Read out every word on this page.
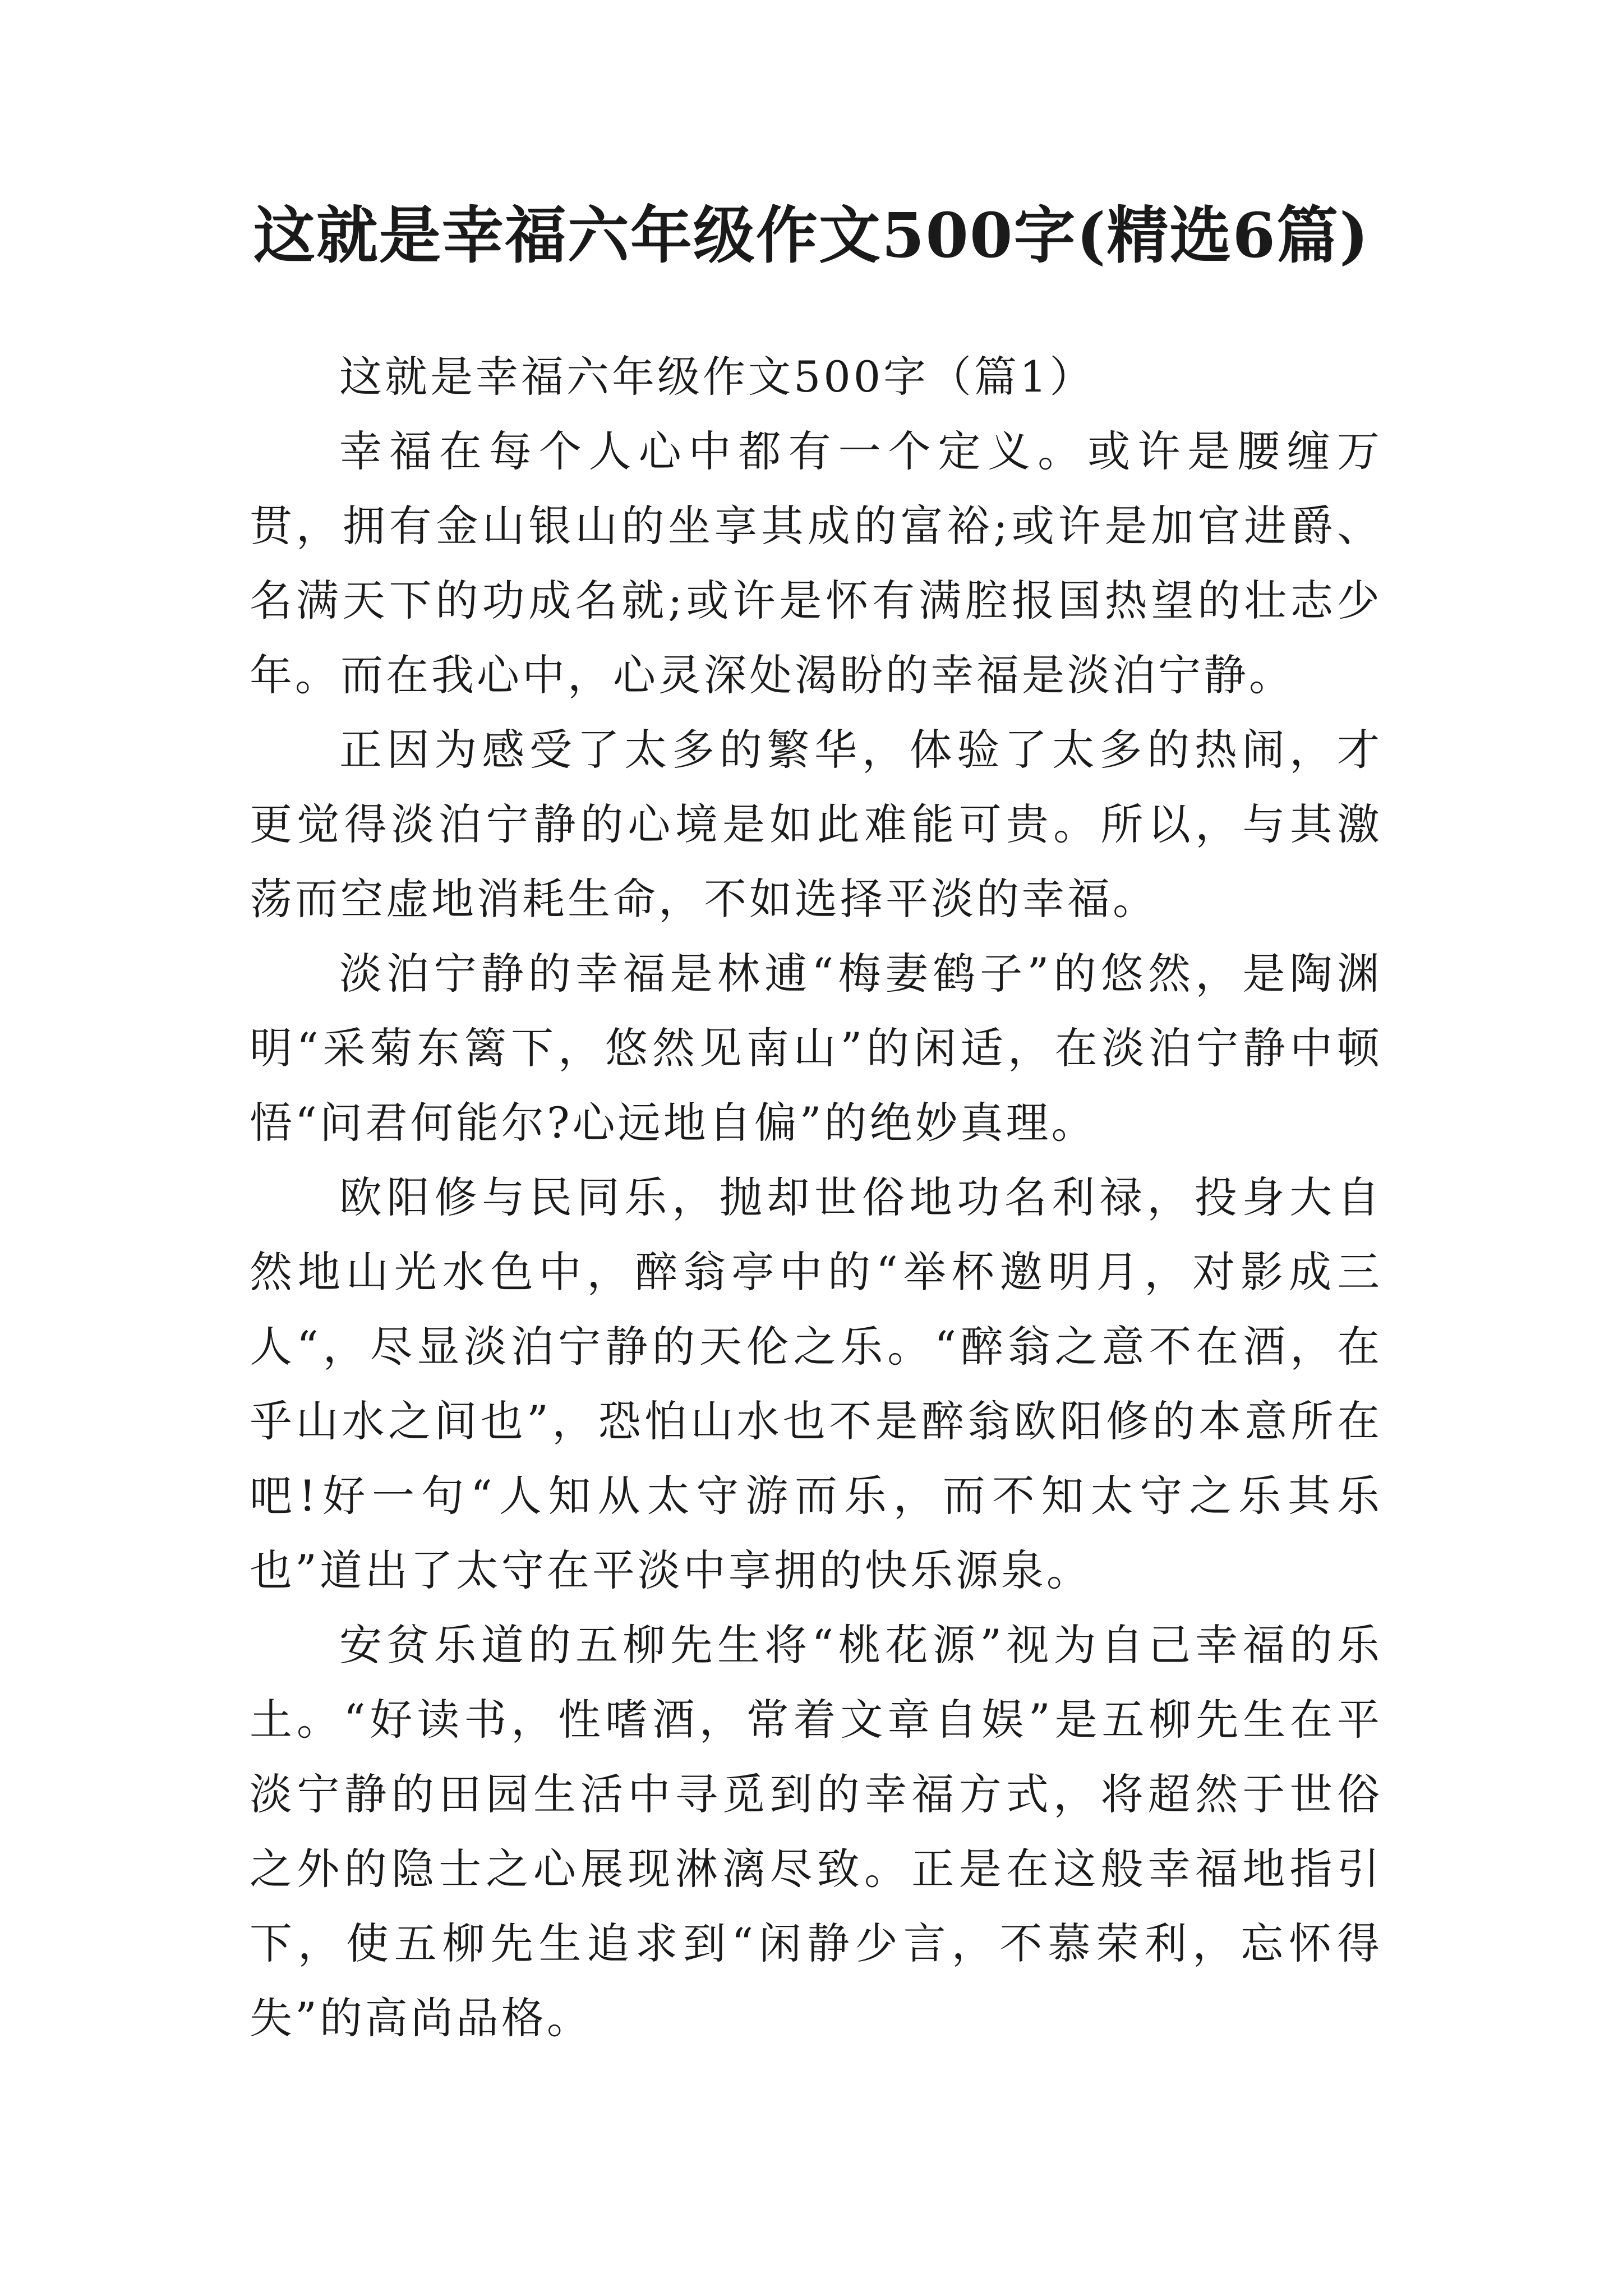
这就是幸福六年级作文500字(精选6篇)

这就是幸福六年级作文500字（篇1）

幸福在每个人心中都有一个定义。或许是腰缠万贯，拥有金山银山的坐享其成的富裕;或许是加官进爵、名满天下的功成名就;或许是怀有满腔报国热望的壮志少年。而在我心中，心灵深处渴盼的幸福是淡泊宁静。

正因为感受了太多的繁华，体验了太多的热闹，才更觉得淡泊宁静的心境是如此难能可贵。所以，与其激荡而空虚地消耗生命，不如选择平淡的幸福。

淡泊宁静的幸福是林逋“梅妻鹤子”的悠然，是陶渊明“采菊东篱下，悠然见南山”的闲适，在淡泊宁静中顿悟“问君何能尔?心远地自偏”的绝妙真理。

欧阳修与民同乐，抛却世俗地功名利禄，投身大自然地山光水色中，醉翁亭中的“举杯邀明月，对影成三人“，尽显淡泊宁静的天伦之乐。“醉翁之意不在酒，在乎山水之间也”，恐怕山水也不是醉翁欧阳修的本意所在吧!好一句“人知从太守游而乐，而不知太守之乐其乐也”道出了太守在平淡中享拥的快乐源泉。

安贫乐道的五柳先生将“桃花源”视为自己幸福的乐土。“好读书，性嗜酒，常着文章自娱”是五柳先生在平淡宁静的田园生活中寻觅到的幸福方式，将超然于世俗之外的隐士之心展现淋漓尽致。正是在这般幸福地指引下，使五柳先生追求到“闲静少言，不慕荣利，忘怀得失”的高尚品格。
